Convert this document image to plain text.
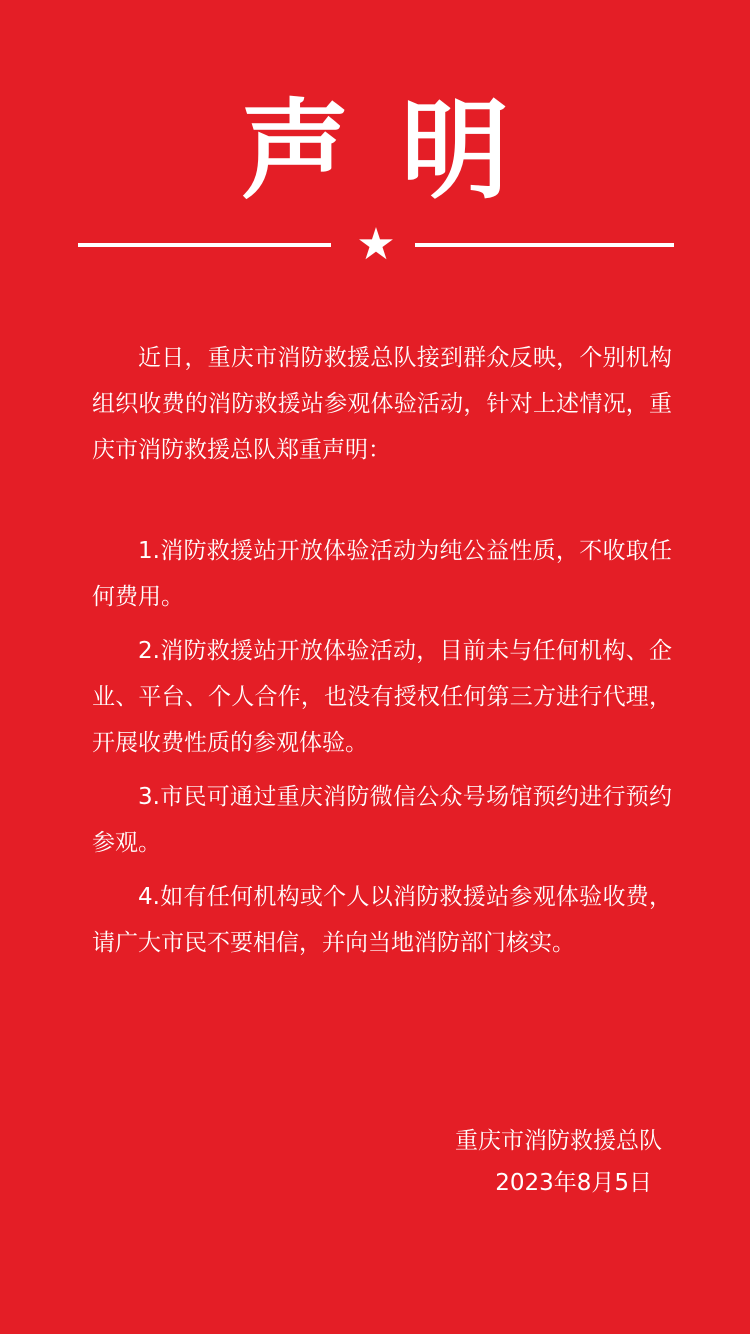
声明
★

近日，重庆市消防救援总队接到群众反映，个别机构组织收费的消防救援站参观体验活动，针对上述情况，重庆市消防救援总队郑重声明：

1.消防救援站开放体验活动为纯公益性质，不收取任何费用。

2.消防救援站开放体验活动，目前未与任何机构、企业、平台、个人合作，也没有授权任何第三方进行代理，开展收费性质的参观体验。

3.市民可通过重庆消防微信公众号场馆预约进行预约参观。

4.如有任何机构或个人以消防救援站参观体验收费，请广大市民不要相信，并向当地消防部门核实。

重庆市消防救援总队
2023年8月5日
